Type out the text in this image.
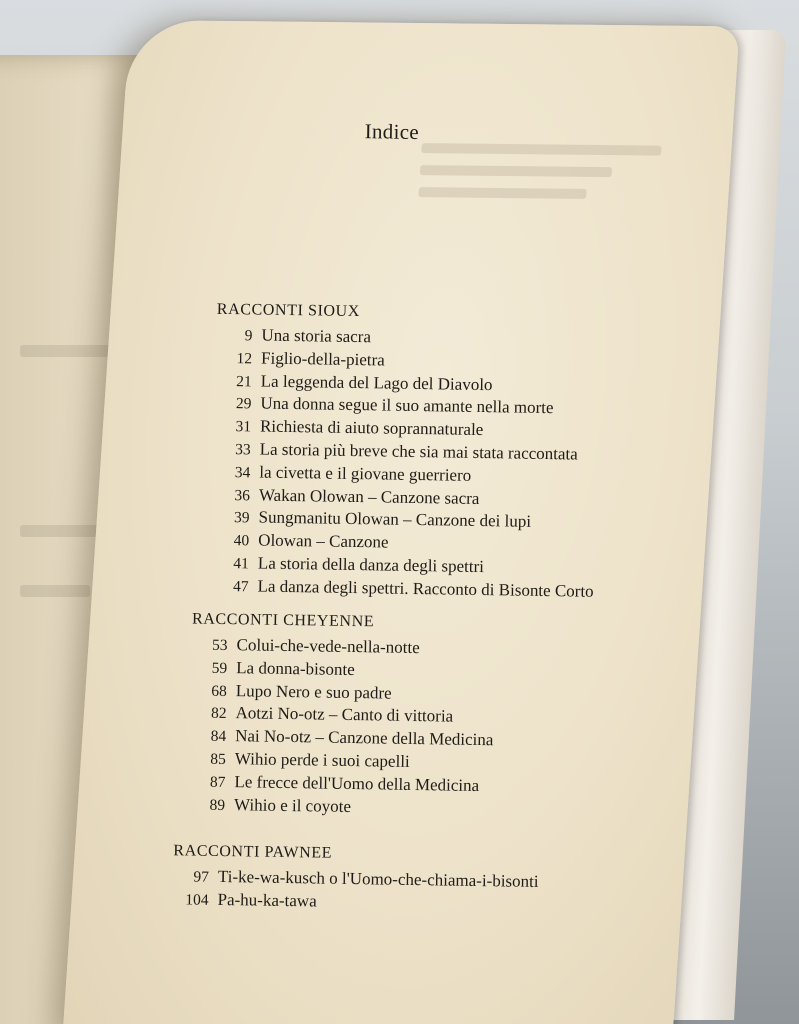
Indice
RACCONTI SIOUX
9 Una storia sacra
12 Figlio-della-pietra
21 La leggenda del Lago del Diavolo
29 Una donna segue il suo amante nella morte
31 Richiesta di aiuto soprannaturale
33 La storia più breve che sia mai stata raccontata
34 la civetta e il giovane guerriero
36 Wakan Olowan – Canzone sacra
39 Sungmanitu Olowan – Canzone dei lupi
40 Olowan – Canzone
41 La storia della danza degli spettri
47 La danza degli spettri. Racconto di Bisonte Corto
RACCONTI CHEYENNE
53 Colui-che-vede-nella-notte
59 La donna-bisonte
68 Lupo Nero e suo padre
82 Aotzi No-otz – Canto di vittoria
84 Nai No-otz – Canzone della Medicina
85 Wihio perde i suoi capelli
87 Le frecce dell'Uomo della Medicina
89 Wihio e il coyote
RACCONTI PAWNEE
97 Ti-ke-wa-kusch o l'Uomo-che-chiama-i-bisonti
104 Pa-hu-ka-tawa
